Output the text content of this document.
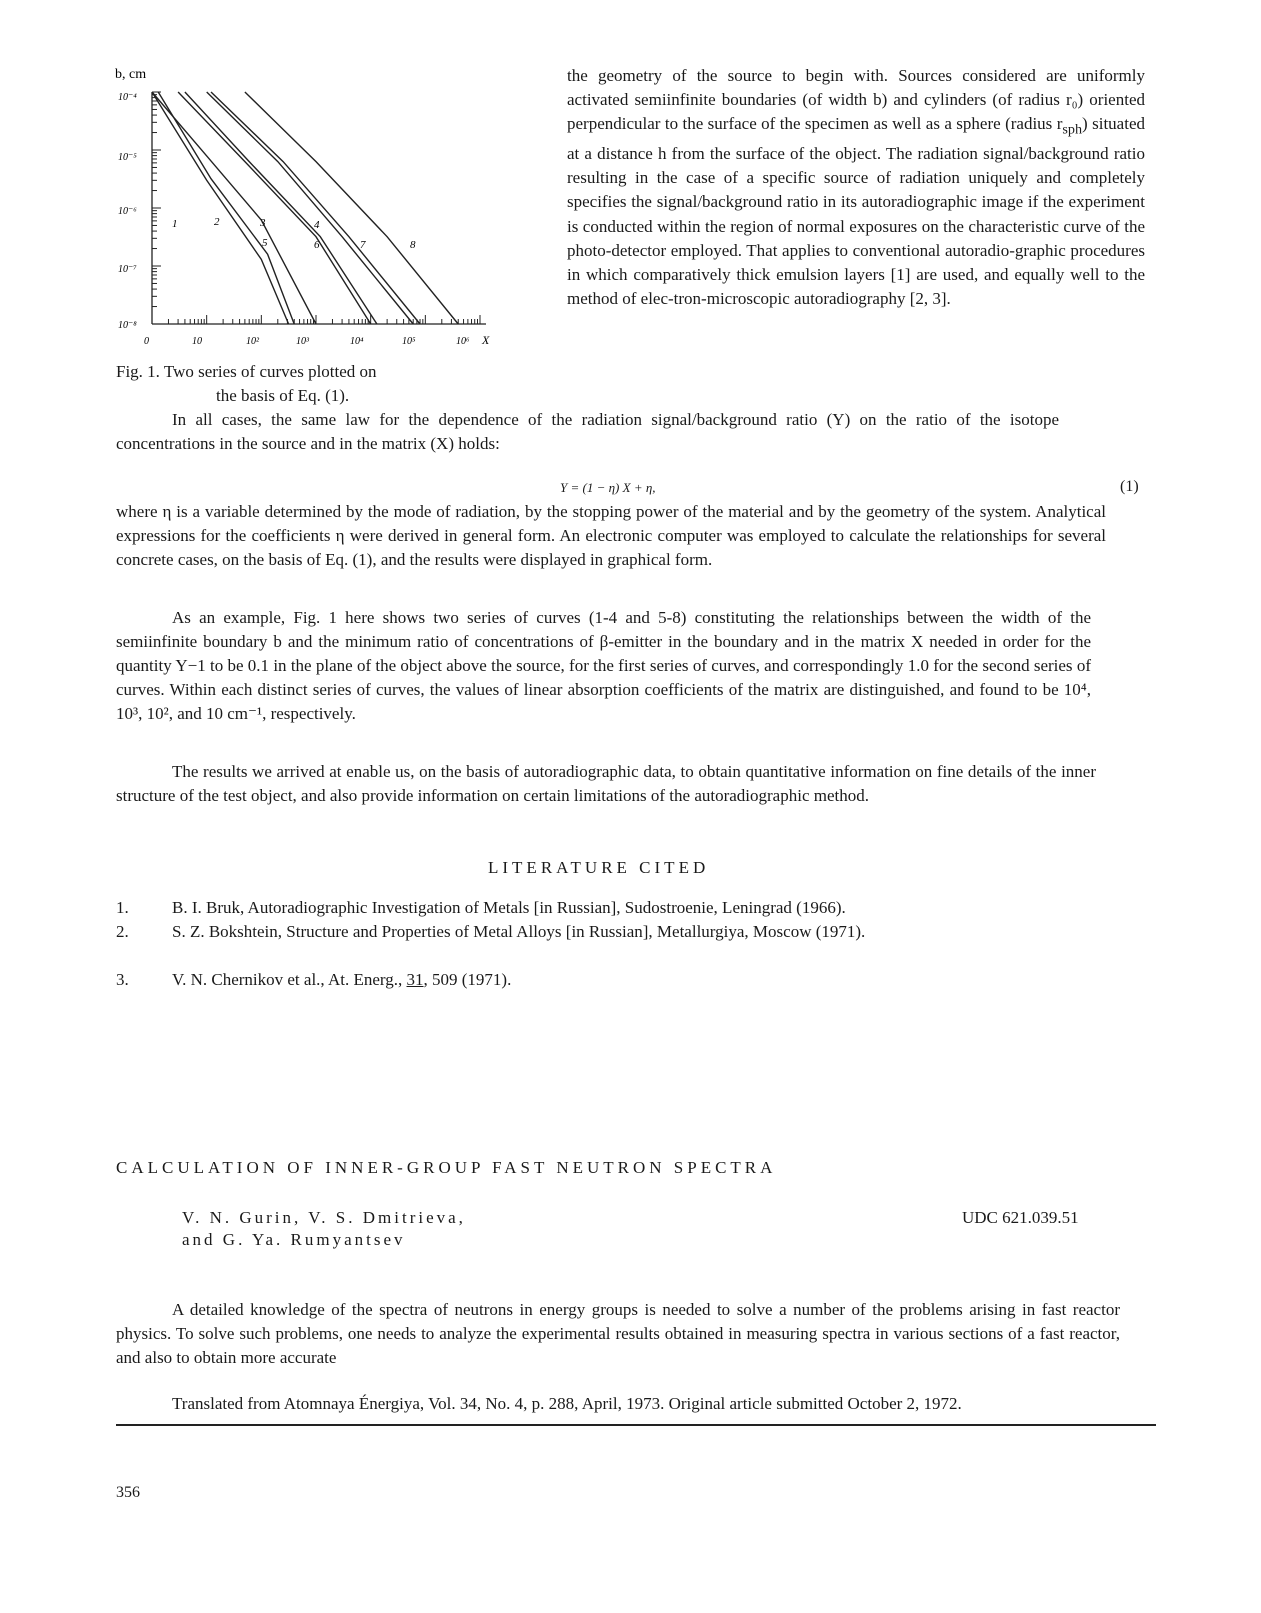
b, cm
10⁻⁴
10⁻⁵
10⁻⁶
10⁻⁷
10⁻⁸
0	10	10²	10³	10⁴	10⁵	10⁶ X
1	2	3	4
5	6	7	8
Fig. 1. Two series of curves plotted on
the basis of Eq. (1).

the geometry of the source to begin with. Sources considered are uniformly activated semiinfinite boundaries (of width b) and cylinders (of radius r₀) oriented perpendicular to the surface of the specimen as well as a sphere (radius $r_{sph}$) situated at a distance h from the surface of the object. The radiation signal/background ratio resulting in the case of a specific source of radiation uniquely and completely specifies the signal/background ratio in its autoradiographic image if the experiment is conducted within the region of normal exposures on the characteristic curve of the photo-detector employed. That applies to conventional autoradio-graphic procedures in which comparatively thick emulsion layers [1] are used, and equally well to the method of elec-tron-microscopic autoradiography [2, 3].

In all cases, the same law for the dependence of the radiation signal/background ratio (Y) on the ratio of the isotope concentrations in the source and in the matrix (X) holds:
Y = (1 − η) X + η,	(1)
where η is a variable determined by the mode of radiation, by the stopping power of the material and by the geometry of the system. Analytical expressions for the coefficients η were derived in general form. An electronic computer was employed to calculate the relationships for several concrete cases, on the basis of Eq. (1), and the results were displayed in graphical form.
As an example, Fig. 1 here shows two series of curves (1-4 and 5-8) constituting the relationships between the width of the semiinfinite boundary b and the minimum ratio of concentrations of β-emitter in the boundary and in the matrix X needed in order for the quantity Y−1 to be 0.1 in the plane of the object above the source, for the first series of curves, and correspondingly 1.0 for the second series of curves. Within each distinct series of curves, the values of linear absorption coefficients of the matrix are distinguished, and found to be 10⁴, 10³, 10², and 10 cm⁻¹, respectively.
The results we arrived at enable us, on the basis of autoradiographic data, to obtain quantitative information on fine details of the inner structure of the test object, and also provide information on certain limitations of the autoradiographic method.
LITERATURE CITED
1.	B. I. Bruk, Autoradiographic Investigation of Metals [in Russian], Sudostroenie, Leningrad (1966).
2.	S. Z. Bokshtein, Structure and Properties of Metal Alloys [in Russian], Metallurgiya, Moscow (1971).
3.	V. N. Chernikov et al., At. Energ., 31, 509 (1971).
CALCULATION OF INNER-GROUP FAST NEUTRON SPECTRA
V. N. Gurin, V. S. Dmitrieva,
and G. Ya. Rumyantsev
UDC 621.039.51
A detailed knowledge of the spectra of neutrons in energy groups is needed to solve a number of the problems arising in fast reactor physics. To solve such problems, one needs to analyze the experimental results obtained in measuring spectra in various sections of a fast reactor, and also to obtain more accurate
Translated from Atomnaya Énergiya, Vol. 34, No. 4, p. 288, April, 1973. Original article submitted October 2, 1972.
356
